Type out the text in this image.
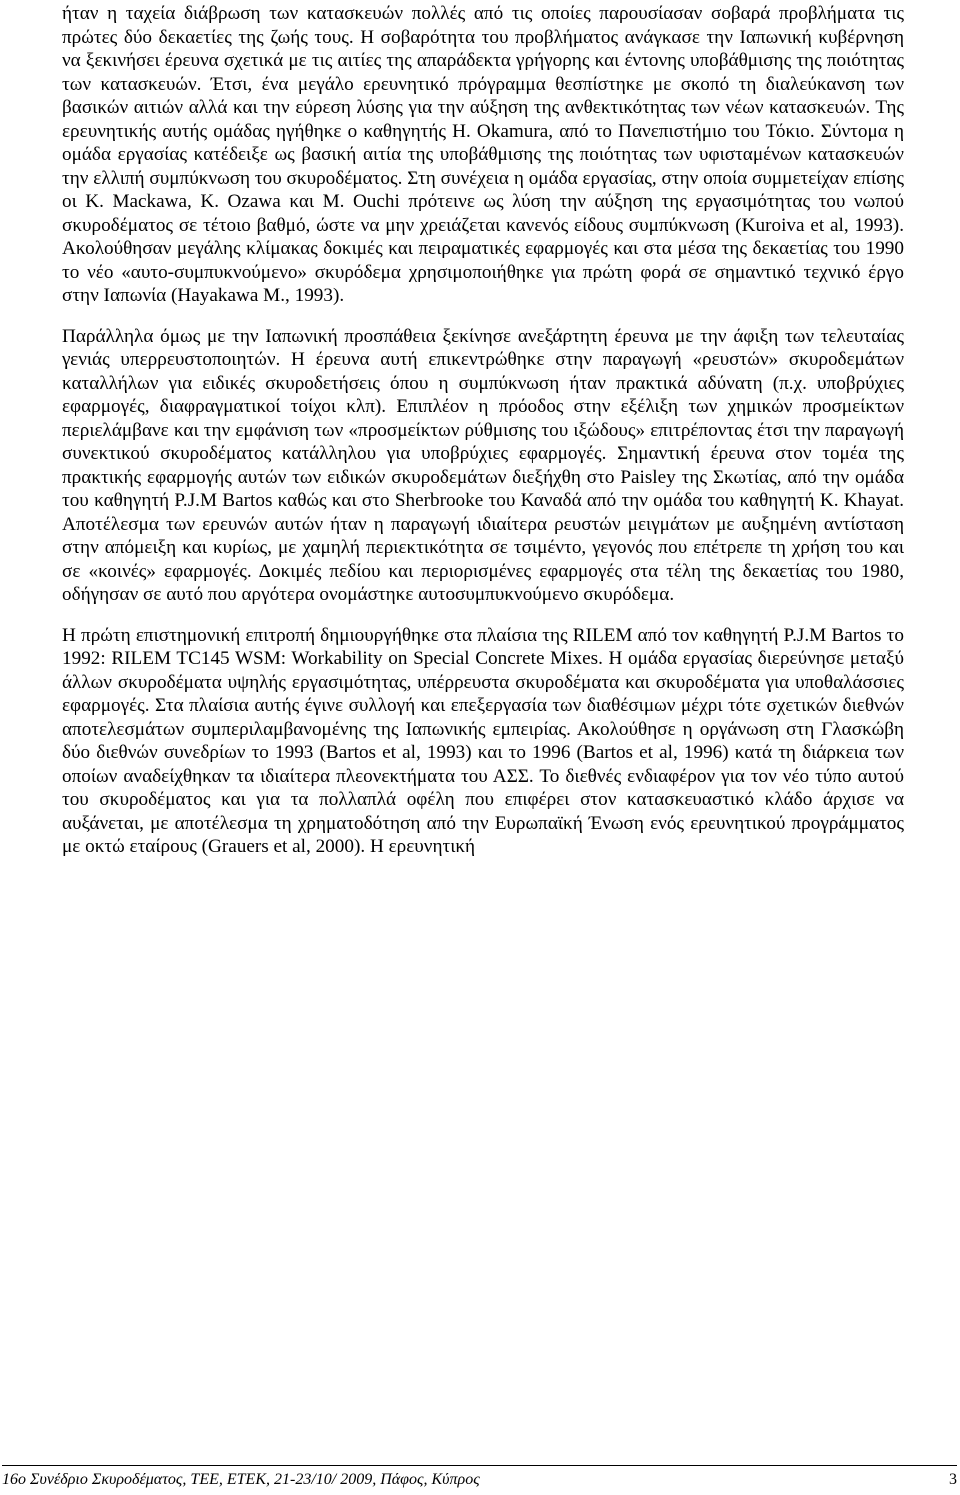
ήταν η ταχεία διάβρωση των κατασκευών πολλές από τις οποίες παρουσίασαν σοβαρά προβλήματα τις πρώτες δύο δεκαετίες της ζωής τους. Η σοβαρότητα του προβλήματος ανάγκασε την Ιαπωνική κυβέρνηση να ξεκινήσει έρευνα σχετικά με τις αιτίες της απαράδεκτα γρήγορης και έντονης υποβάθμισης της ποιότητας των κατασκευών. Έτσι, ένα μεγάλο ερευνητικό πρόγραμμα θεσπίστηκε με σκοπό τη διαλεύκανση των βασικών αιτιών αλλά και την εύρεση λύσης για την αύξηση της ανθεκτικότητας των νέων κατασκευών. Της ερευνητικής αυτής ομάδας ηγήθηκε ο καθηγητής H. Okamura, από το Πανεπιστήμιο του Τόκιο. Σύντομα η ομάδα εργασίας κατέδειξε ως βασική αιτία της υποβάθμισης της ποιότητας των υφισταμένων κατασκευών την ελλιπή συμπύκνωση του σκυροδέματος. Στη συνέχεια η ομάδα εργασίας, στην οποία συμμετείχαν επίσης οι K. Mackawa, K. Ozawa και M. Ouchi πρότεινε ως λύση την αύξηση της εργασιμότητας του νωπού σκυροδέματος σε τέτοιο βαθμό, ώστε να μην χρειάζεται κανενός είδους συμπύκνωση (Kuroiva et al, 1993). Ακολούθησαν μεγάλης κλίμακας δοκιμές και πειραματικές εφαρμογές και στα μέσα της δεκαετίας του 1990 το νέο «αυτο-συμπυκνούμενο» σκυρόδεμα χρησιμοποιήθηκε για πρώτη φορά σε σημαντικό τεχνικό έργο στην Ιαπωνία (Hayakawa M., 1993).

Παράλληλα όμως με την Ιαπωνική προσπάθεια ξεκίνησε ανεξάρτητη έρευνα με την άφιξη των τελευταίας γενιάς υπερρευστοποιητών. Η έρευνα αυτή επικεντρώθηκε στην παραγωγή «ρευστών» σκυροδεμάτων καταλλήλων για ειδικές σκυροδετήσεις όπου η συμπύκνωση ήταν πρακτικά αδύνατη (π.χ. υποβρύχιες εφαρμογές, διαφραγματικοί τοίχοι κλπ). Επιπλέον η πρόοδος στην εξέλιξη των χημικών προσμείκτων περιελάμβανε και την εμφάνιση των «προσμείκτων ρύθμισης του ιξώδους» επιτρέποντας έτσι την παραγωγή συνεκτικού σκυροδέματος κατάλληλου για υποβρύχιες εφαρμογές. Σημαντική έρευνα στον τομέα της πρακτικής εφαρμογής αυτών των ειδικών σκυροδεμάτων διεξήχθη στο Paisley της Σκωτίας, από την ομάδα του καθηγητή P.J.M Bartos καθώς και στο Sherbrooke του Καναδά από την ομάδα του καθηγητή K. Khayat. Αποτέλεσμα των ερευνών αυτών ήταν η παραγωγή ιδιαίτερα ρευστών μειγμάτων με αυξημένη αντίσταση στην απόμειξη και κυρίως, με χαμηλή περιεκτικότητα σε τσιμέντο, γεγονός που επέτρεπε τη χρήση του και σε «κοινές» εφαρμογές. Δοκιμές πεδίου και περιορισμένες εφαρμογές στα τέλη της δεκαετίας του 1980, οδήγησαν σε αυτό που αργότερα ονομάστηκε αυτοσυμπυκνούμενο σκυρόδεμα.

Η πρώτη επιστημονική επιτροπή δημιουργήθηκε στα πλαίσια της RILEM από τον καθηγητή P.J.M Bartos το 1992: RILEM TC145 WSM: Workability on Special Concrete Mixes. Η ομάδα εργασίας διερεύνησε μεταξύ άλλων σκυροδέματα υψηλής εργασιμότητας, υπέρρευστα σκυροδέματα και σκυροδέματα για υποθαλάσσιες εφαρμογές. Στα πλαίσια αυτής έγινε συλλογή και επεξεργασία των διαθέσιμων μέχρι τότε σχετικών διεθνών αποτελεσμάτων συμπεριλαμβανομένης της Ιαπωνικής εμπειρίας. Ακολούθησε η οργάνωση στη Γλασκώβη δύο διεθνών συνεδρίων το 1993 (Bartos et al, 1993) και το 1996 (Bartos et al, 1996) κατά τη διάρκεια των οποίων αναδείχθηκαν τα ιδιαίτερα πλεονεκτήματα του ΑΣΣ. Το διεθνές ενδιαφέρον για τον νέο τύπο αυτού του σκυροδέματος και για τα πολλαπλά οφέλη που επιφέρει στον κατασκευαστικό κλάδο άρχισε να αυξάνεται, με αποτέλεσμα τη χρηματοδότηση από την Ευρωπαϊκή Ένωση ενός ερευνητικού προγράμματος με οκτώ εταίρους (Grauers et al, 2000). Η ερευνητική

16ο Συνέδριο Σκυροδέματος, ΤΕΕ, ΕΤΕΚ, 21-23/10/ 2009, Πάφος, Κύπρος	3
